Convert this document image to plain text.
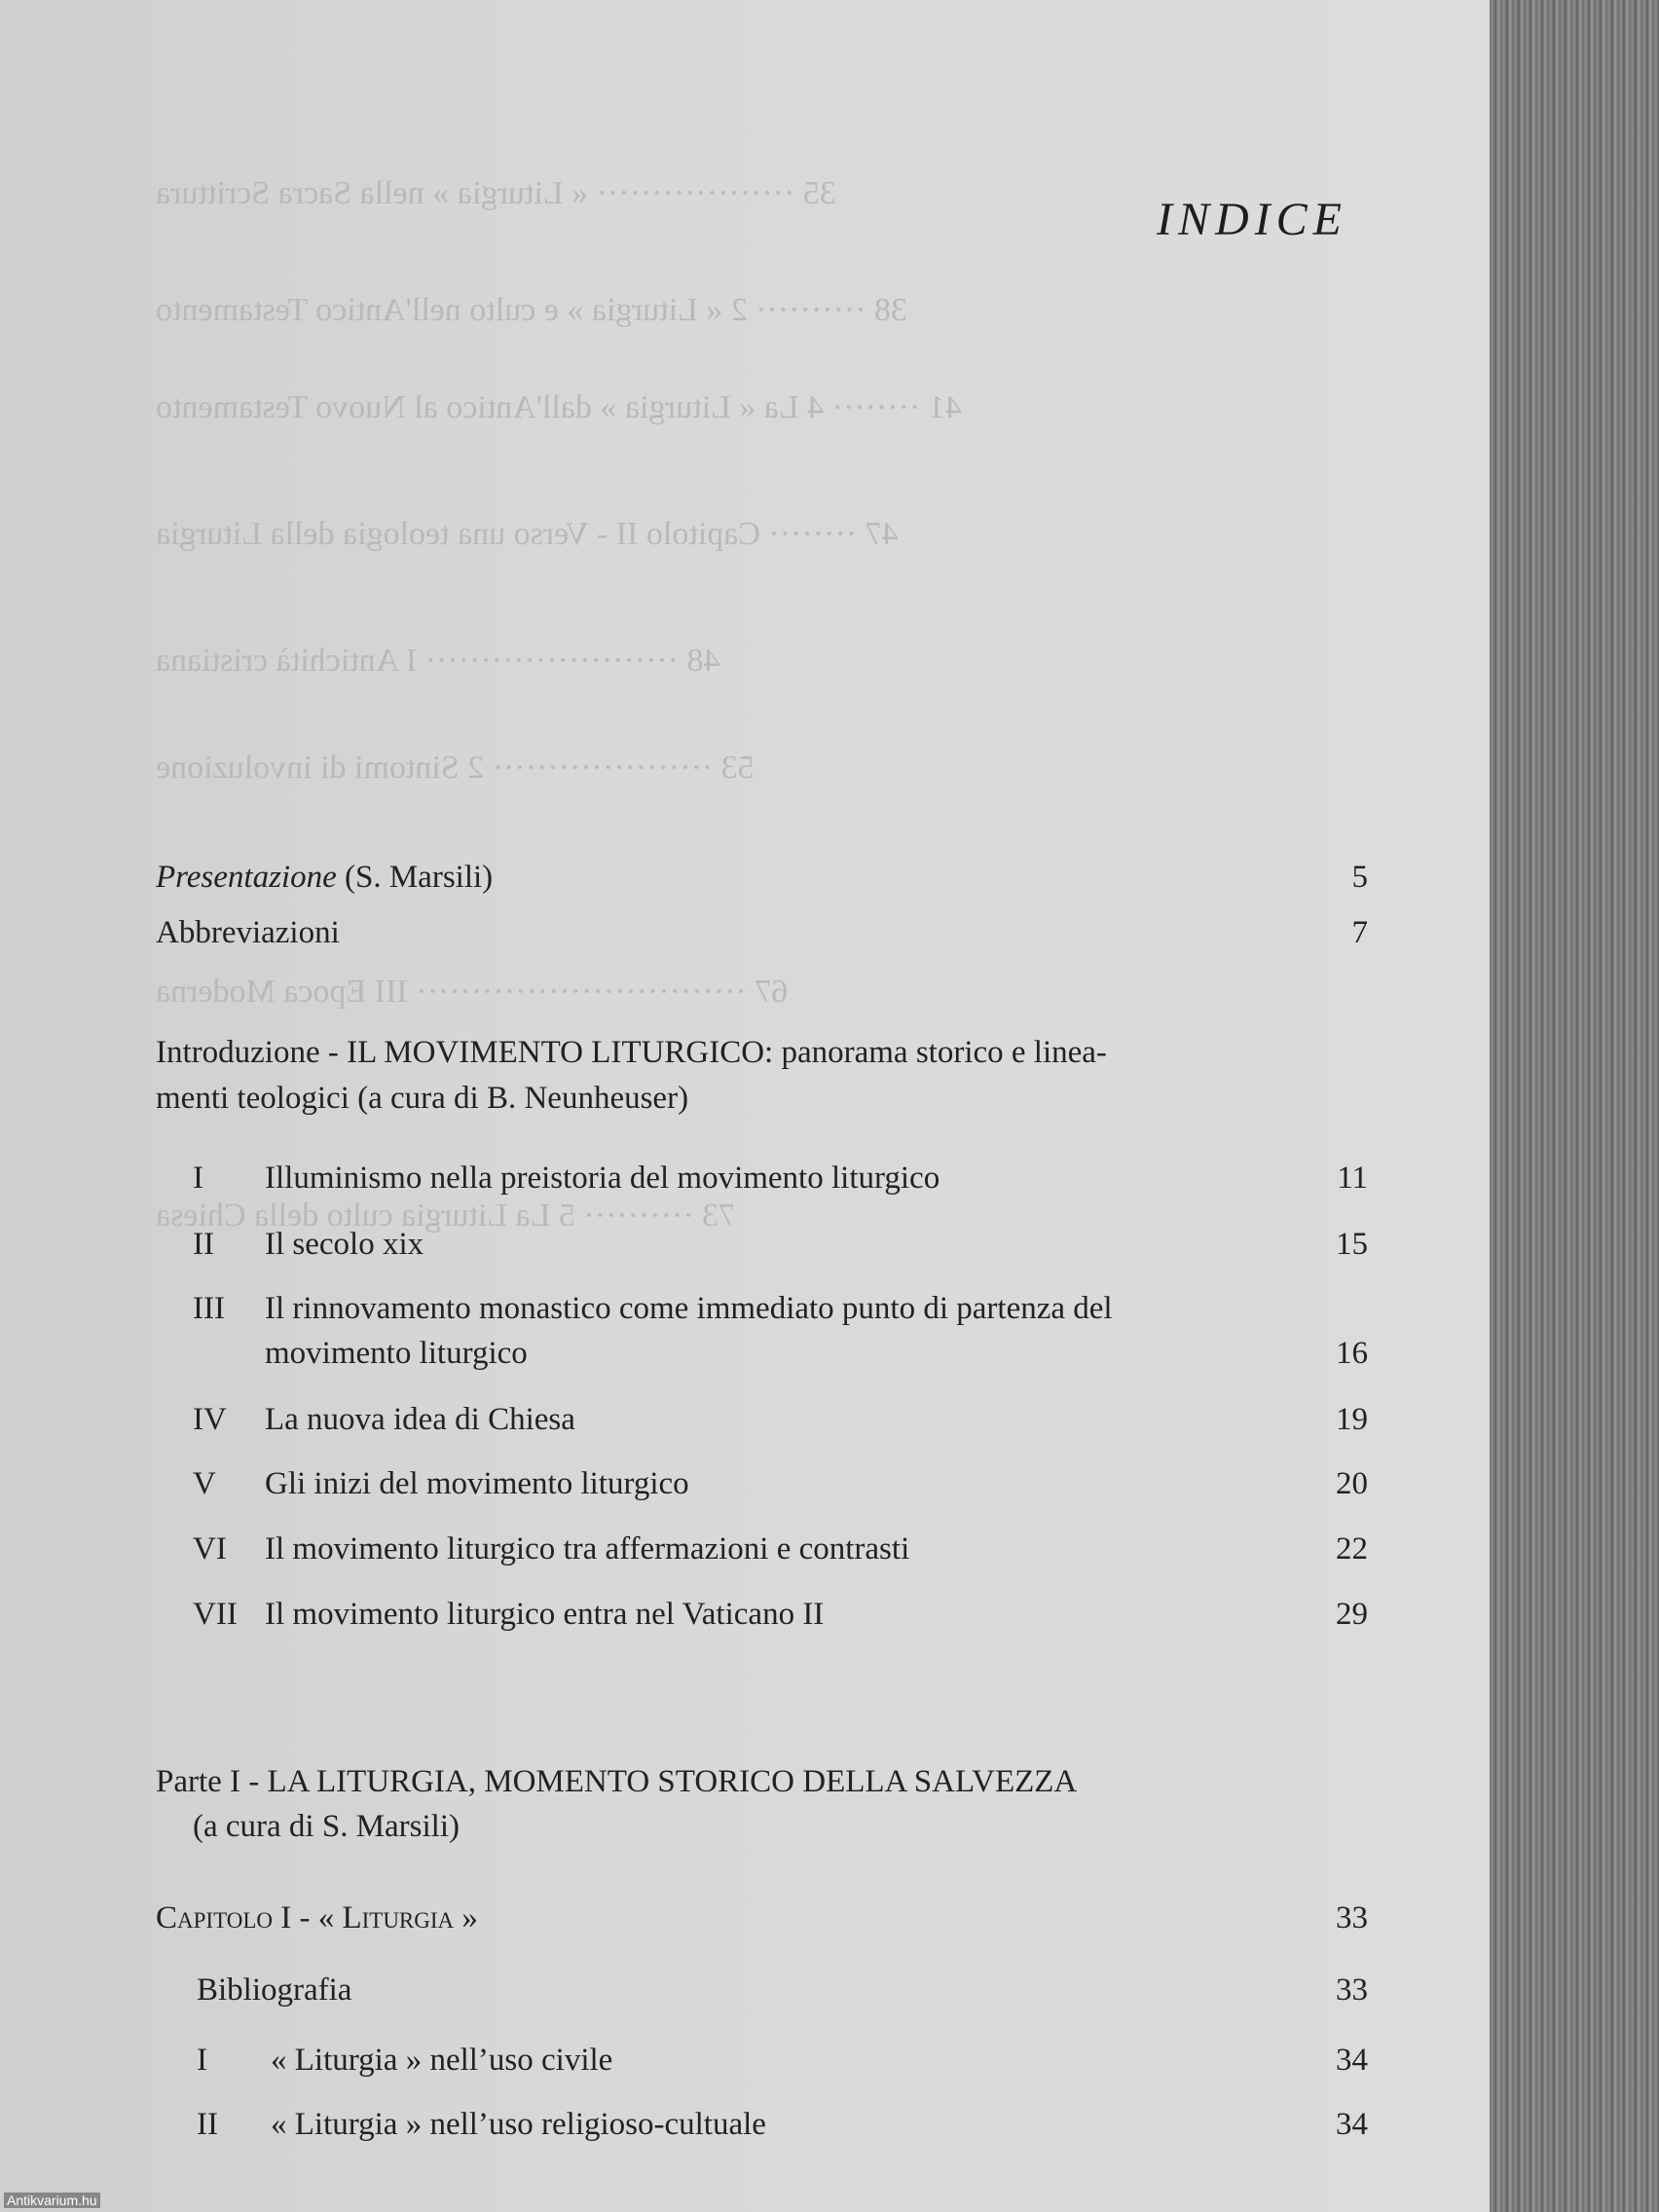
35 ·················· « Liturgia » nella Sacra Scrittura
38 ·········· 2 « Liturgia » e culto nell'Antico Testamento
41 ········ 4 La « Liturgia » dall'Antico al Nuovo Testamento
47 ········ Capitolo II - Verso una teologia della Liturgia
48 ······················· I Antichità cristiana
53 ···················· 2 Sintomi di involuzione
67 ······························ III Epoca Moderna
73 ·········· 5 La Liturgia culto della Chiesa
INDICE
Presentazione (S. Marsili)	5
Abbreviazioni	7
Introduzione - IL MOVIMENTO LITURGICO: panorama storico e linea-
menti teologici (a cura di B. Neunheuser)
I Illuminismo nella preistoria del movimento liturgico	11
II Il secolo xix	15
III Il rinnovamento monastico come immediato punto di partenza del
movimento liturgico	16
IV La nuova idea di Chiesa	19
V Gli inizi del movimento liturgico	20
VI Il movimento liturgico tra affermazioni e contrasti	22
VII Il movimento liturgico entra nel Vaticano II	29
Parte I - LA LITURGIA, MOMENTO STORICO DELLA SALVEZZA
(a cura di S. Marsili)
Capitolo I - « Liturgia »	33
Bibliografia	33
I « Liturgia » nell’uso civile	34
II « Liturgia » nell’uso religioso-cultuale	34
Antikvarium.hu
